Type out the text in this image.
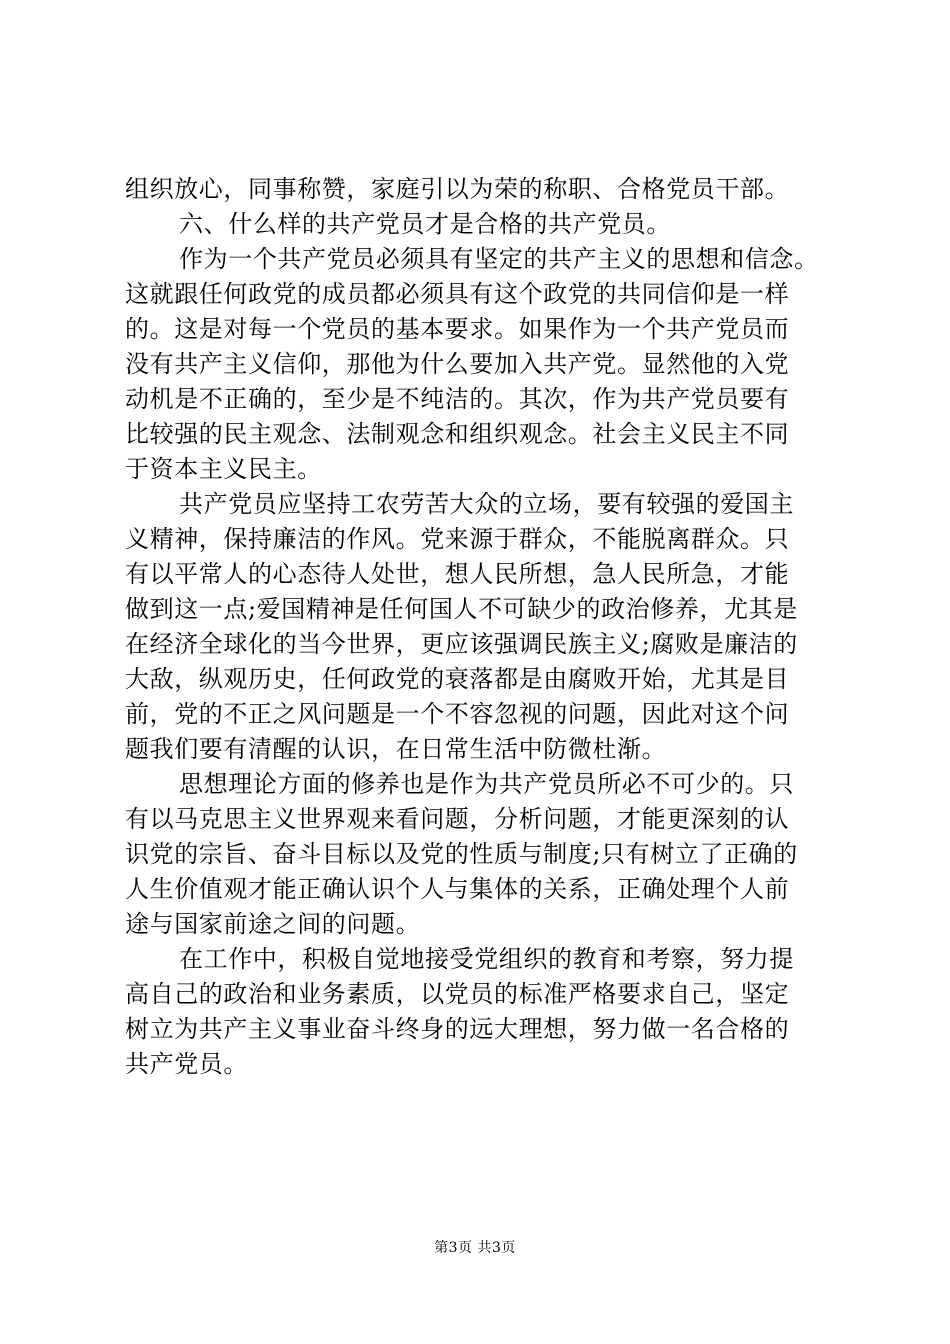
组织放心，同事称赞，家庭引以为荣的称职、合格党员干部。
六、什么样的共产党员才是合格的共产党员。
作为一个共产党员必须具有坚定的共产主义的思想和信念。
这就跟任何政党的成员都必须具有这个政党的共同信仰是一样
的。这是对每一个党员的基本要求。如果作为一个共产党员而
没有共产主义信仰，那他为什么要加入共产党。显然他的入党
动机是不正确的，至少是不纯洁的。其次，作为共产党员要有
比较强的民主观念、法制观念和组织观念。社会主义民主不同
于资本主义民主。
共产党员应坚持工农劳苦大众的立场，要有较强的爱国主
义精神，保持廉洁的作风。党来源于群众，不能脱离群众。只
有以平常人的心态待人处世，想人民所想，急人民所急，才能
做到这一点;爱国精神是任何国人不可缺少的政治修养，尤其是
在经济全球化的当今世界，更应该强调民族主义;腐败是廉洁的
大敌，纵观历史，任何政党的衰落都是由腐败开始，尤其是目
前，党的不正之风问题是一个不容忽视的问题，因此对这个问
题我们要有清醒的认识，在日常生活中防微杜渐。
思想理论方面的修养也是作为共产党员所必不可少的。只
有以马克思主义世界观来看问题，分析问题，才能更深刻的认
识党的宗旨、奋斗目标以及党的性质与制度;只有树立了正确的
人生价值观才能正确认识个人与集体的关系，正确处理个人前
途与国家前途之间的问题。
在工作中，积极自觉地接受党组织的教育和考察，努力提
高自己的政治和业务素质，以党员的标准严格要求自己，坚定
树立为共产主义事业奋斗终身的远大理想，努力做一名合格的
共产党员。
第3页 共3页
